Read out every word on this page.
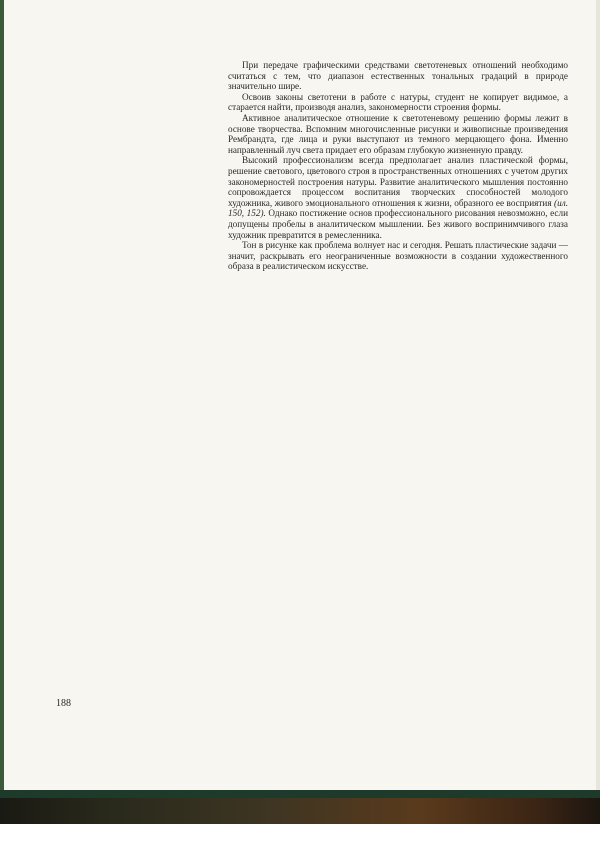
При передаче графическими средствами светотеневых отношений необходимо считаться с тем, что диапазон естественных тональных градаций в природе значительно шире.

Освоив законы светотени в работе с натуры, студент не копирует видимое, а старается найти, производя анализ, закономерности строения формы.

Активное аналитическое отношение к светотеневому решению формы лежит в основе творчества. Вспомним многочисленные рисунки и живописные произведения Рембрандта, где лица и руки выступают из темного мерцающего фона. Именно направленный луч света придает его образам глубокую жизненную правду.

Высокий профессионализм всегда предполагает анализ пластической формы, решение светового, цветового строя в пространственных отношениях с учетом других закономерностей построения натуры. Развитие аналитического мышления постоянно сопровождается процессом воспитания творческих способностей молодого художника, живого эмоционального отношения к жизни, образного ее восприятия (ил. 150, 152). Однако постижение основ профессионального рисования невозможно, если допущены пробелы в аналитическом мышлении. Без живого воспринимчивого глаза художник превратится в ремесленника.

Тон в рисунке как проблема волнует нас и сегодня. Решать пластические задачи — значит, раскрывать его неограниченные возможности в создании художественного образа в реалистическом искусстве.

188
